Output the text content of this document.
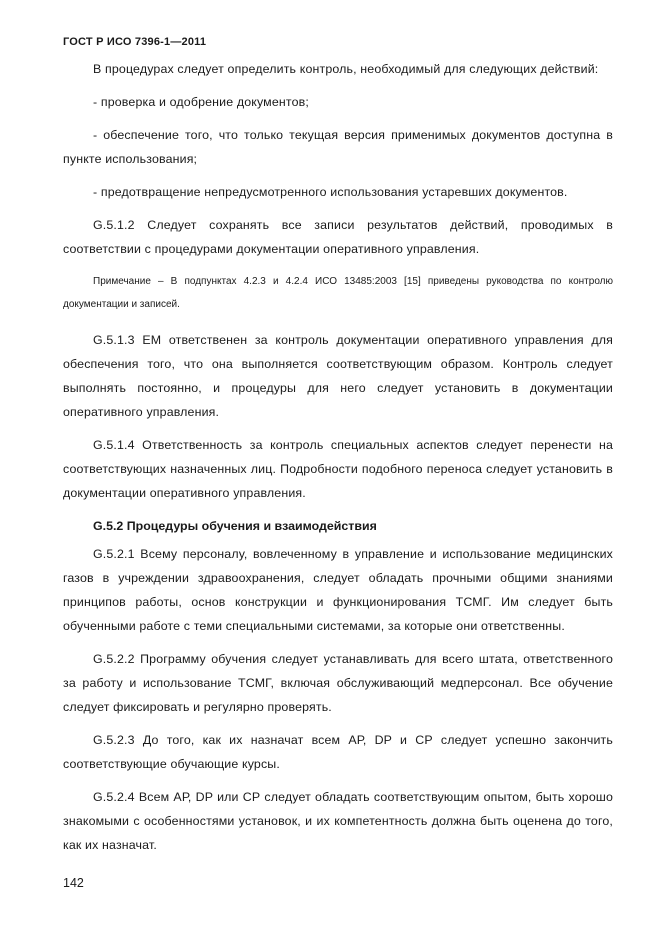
ГОСТ Р ИСО 7396-1—2011

В процедурах следует определить контроль, необходимый для следующих действий:

- проверка и одобрение документов;

- обеспечение того, что только текущая версия применимых документов доступна в пункте использования;

- предотвращение непредусмотренного использования устаревших документов.

G.5.1.2 Следует сохранять все записи результатов действий, проводимых в соответствии с процедурами документации оперативного управления.

Примечание – В подпунктах 4.2.3 и 4.2.4 ИСО 13485:2003 [15] приведены руководства по контролю документации и записей.

G.5.1.3 ЕМ ответственен за контроль документации оперативного управления для обеспечения того, что она выполняется соответствующим образом. Контроль следует выполнять постоянно, и процедуры для него следует установить в документации оперативного управления.

G.5.1.4 Ответственность за контроль специальных аспектов следует перенести на соответствующих назначенных лиц. Подробности подобного переноса следует установить в документации оперативного управления.

G.5.2 Процедуры обучения и взаимодействия

G.5.2.1 Всему персоналу, вовлеченному в управление и использование медицинских газов в учреждении здравоохранения, следует обладать прочными общими знаниями принципов работы, основ конструкции и функционирования ТСМГ. Им следует быть обученными работе с теми специальными системами, за которые они ответственны.

G.5.2.2 Программу обучения следует устанавливать для всего штата, ответственного за работу и использование ТСМГ, включая обслуживающий медперсонал. Все обучение следует фиксировать и регулярно проверять.

G.5.2.3 До того, как их назначат всем АР, DP и СР следует успешно закончить соответствующие обучающие курсы.

G.5.2.4 Всем АР, DP или СР следует обладать соответствующим опытом, быть хорошо знакомыми с особенностями установок, и их компетентность должна быть оценена до того, как их назначат.

142
